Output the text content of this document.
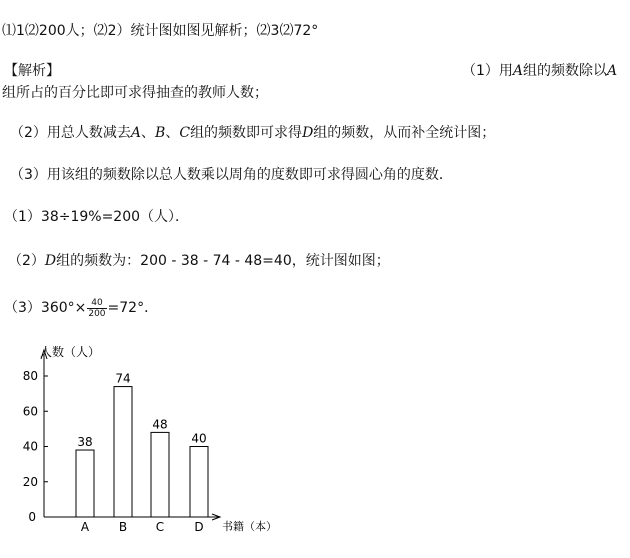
⑴1⑵200人；⑵2）统计图如图见解析；⑵3⑵72°
【解析】	（1）用A组的频数除以A
组所占的百分比即可求得抽查的教师人数；
（2）用总人数减去A、B、C组的频数即可求得D组的频数，从而补全统计图；
（3）用该组的频数除以总人数乘以周角的度数即可求得圆心角的度数．
（1）38÷19%=200（人）．
（2）D组的频数为：200 - 38 - 74 - 48=40，统计图如图；
$(3)360^\circ\times \frac{40}{200} =72^\circ$．
0
20
40
60
80
38
A
74
B
48
C
40
D
人数（人）
书籍（本）
